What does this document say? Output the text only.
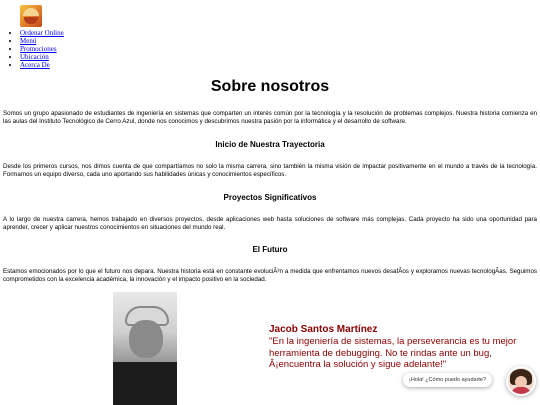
• Ordenar Online
• Menú
• Promociones
• Ubicación
• Acerca De
Sobre nosotros
Somos un grupo apasionado de estudiantes de ingeniería en sistemas que comparten un interés común por la tecnología y la resolución de problemas complejos. Nuestra historia comienza en las aulas del Instituto Tecnológico de Cerro Azul, donde nos conocimos y descubrimos nuestra pasión por la informática y el desarrollo de software.
Inicio de Nuestra Trayectoria
Desde los primeros cursos, nos dimos cuenta de que compartíamos no solo la misma carrera, sino también la misma visión de impactar positivamente en el mundo a través de la tecnología. Formamos un equipo diverso, cada uno aportando sus habilidades únicas y conocimientos específicos.
Proyectos Significativos
A lo largo de nuestra carrera, hemos trabajado en diversos proyectos, desde aplicaciones web hasta soluciones de software más complejas. Cada proyecto ha sido una oportunidad para aprender, crecer y aplicar nuestros conocimientos en situaciones del mundo real.
El Futuro
Estamos emocionados por lo que el futuro nos depara. Nuestra historia está en constante evoluciÃ³n a medida que enfrentamos nuevos desafÃos y exploramos nuevas tecnologÃas. Seguimos comprometidos con la excelencia académica, la innovación y el impacto positivo en la sociedad.
Jacob Santos Martínez
"En la ingeniería de sistemas, la perseverancia es tu mejor herramienta de debugging. No te rindas ante un bug, Â¡encuentra la solución y sigue adelante!"
¡Hola! ¿Cómo puedo ayudarte?
